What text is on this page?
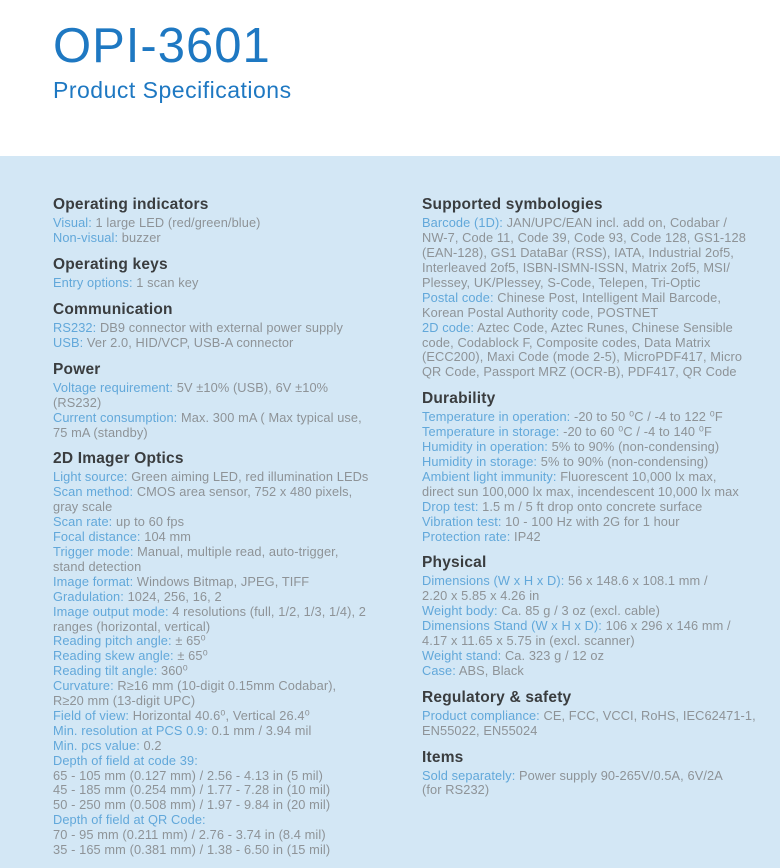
OPI-3601
Product Specifications
Operating indicators
Visual: 1 large LED (red/green/blue)
Non-visual: buzzer
Operating keys
Entry options: 1 scan key
Communication
RS232: DB9 connector with external power supply
USB: Ver 2.0, HID/VCP, USB-A connector
Power
Voltage requirement: 5V ±10% (USB), 6V ±10%
(RS232)
Current consumption: Max. 300 mA ( Max typical use,
75 mA (standby)
2D Imager Optics
Light source: Green aiming LED, red illumination LEDs
Scan method: CMOS area sensor, 752 x 480 pixels,
gray scale
Scan rate: up to 60 fps
Focal distance: 104 mm
Trigger mode: Manual, multiple read, auto-trigger,
stand detection
Image format: Windows Bitmap, JPEG, TIFF
Gradulation: 1024, 256, 16, 2
Image output mode: 4 resolutions (full, 1/2, 1/3, 1/4), 2
ranges (horizontal, vertical)
Reading pitch angle: ± 65⁰
Reading skew angle: ± 65⁰
Reading tilt angle: 360⁰
Curvature: R≥16 mm (10-digit 0.15mm Codabar),
R≥20 mm (13-digit UPC)
Field of view: Horizontal 40.6⁰, Vertical 26.4⁰
Min. resolution at PCS 0.9: 0.1 mm / 3.94 mil
Min. pcs value: 0.2
Depth of field at code 39:
65 - 105 mm (0.127 mm) / 2.56 - 4.13 in (5 mil)
45 - 185 mm (0.254 mm) / 1.77 - 7.28 in (10 mil)
50 - 250 mm (0.508 mm) / 1.97 - 9.84 in (20 mil)
Depth of field at QR Code:
70 - 95 mm (0.211 mm) / 2.76 - 3.74 in (8.4 mil)
35 - 165 mm (0.381 mm) / 1.38 - 6.50 in (15 mil)
Supported symbologies
Barcode (1D): JAN/UPC/EAN incl. add on, Codabar /
NW-7, Code 11, Code 39, Code 93, Code 128, GS1-128
(EAN-128), GS1 DataBar (RSS), IATA, Industrial 2of5,
Interleaved 2of5, ISBN-ISMN-ISSN, Matrix 2of5, MSI/
Plessey, UK/Plessey, S-Code, Telepen, Tri-Optic
Postal code: Chinese Post, Intelligent Mail Barcode,
Korean Postal Authority code, POSTNET
2D code: Aztec Code, Aztec Runes, Chinese Sensible
code, Codablock F, Composite codes, Data Matrix
(ECC200), Maxi Code (mode 2-5), MicroPDF417, Micro
QR Code, Passport MRZ (OCR-B), PDF417, QR Code
Durability
Temperature in operation: -20 to 50 ⁰C / -4 to 122 ⁰F
Temperature in storage: -20 to 60 ⁰C / -4 to 140 ⁰F
Humidity in operation: 5% to 90% (non-condensing)
Humidity in storage: 5% to 90% (non-condensing)
Ambient light immunity: Fluorescent 10,000 lx max,
direct sun 100,000 lx max, incendescent 10,000 lx max
Drop test: 1.5 m / 5 ft drop onto concrete surface
Vibration test: 10 - 100 Hz with 2G for 1 hour
Protection rate: IP42
Physical
Dimensions (W x H x D): 56 x 148.6 x 108.1 mm /
2.20 x 5.85 x 4.26 in
Weight body: Ca. 85 g / 3 oz (excl. cable)
Dimensions Stand (W x H x D): 106 x 296 x 146 mm /
4.17 x 11.65 x 5.75 in (excl. scanner)
Weight stand: Ca. 323 g / 12 oz
Case: ABS, Black
Regulatory & safety
Product compliance: CE, FCC, VCCI, RoHS, IEC62471-1,
EN55022, EN55024
Items
Sold separately: Power supply 90-265V/0.5A, 6V/2A
(for RS232)
